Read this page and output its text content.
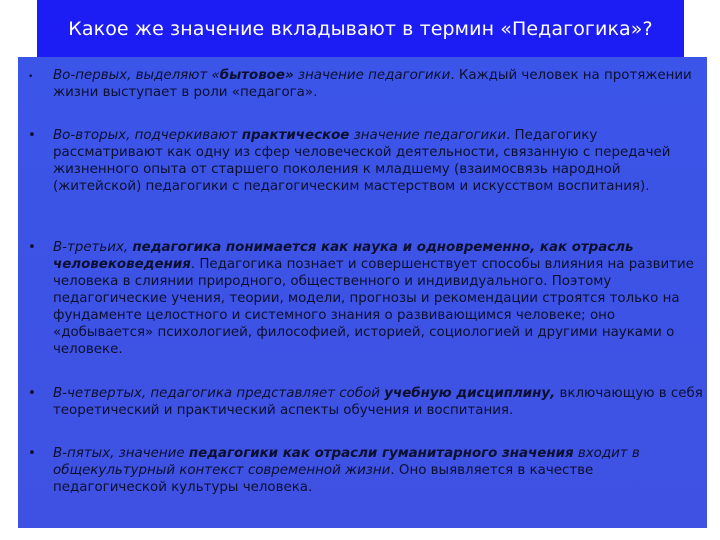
Какое же значение вкладывают в термин «Педагогика»?
• Во-первых, выделяют «бытовое» значение педагогики. Каждый человек на протяжении жизни выступает в роли «педагога».
• Во-вторых, подчеркивают практическое значение педагогики. Педагогику рассматривают как одну из сфер человеческой деятельности, связанную с передачей жизненного опыта от старшего поколения к младшему (взаимосвязь народной (житейской) педагогики с педагогическим мастерством и искусством воспитания).
• В-третьих, педагогика понимается как наука и одновременно, как отрасль человековедения. Педагогика познает и совершенствует способы влияния на развитие человека в слиянии природного, общественного и индивидуального. Поэтому педагогические учения, теории, модели, прогнозы и рекомендации строятся только на фундаменте целостного и системного знания о развивающимся человеке; оно «добывается» психологией, философией, историей, социологией и другими науками о человеке.
• В-четвертых, педагогика представляет собой учебную дисциплину, включающую в себя теоретический и практический аспекты обучения и воспитания.
• В-пятых, значение педагогики как отрасли гуманитарного значения входит в общекультурный контекст современной жизни. Оно выявляется в качестве педагогической культуры человека.
